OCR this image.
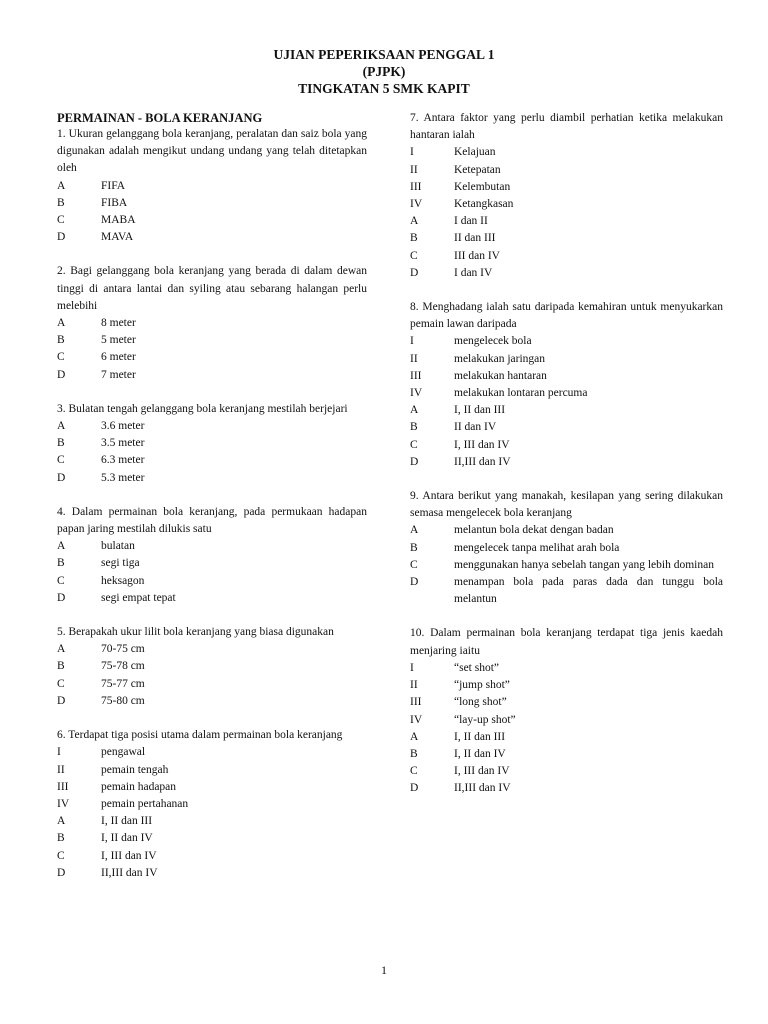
UJIAN PEPERIKSAAN PENGGAL 1
(PJPK)
TINGKATAN 5 SMK KAPIT
PERMAINAN - BOLA KERANJANG
1. Ukuran gelanggang bola keranjang, peralatan dan saiz bola yang digunakan adalah mengikut undang undang yang telah ditetapkan oleh
A	FIFA
B	FIBA
C	MABA
D	MAVA
2. Bagi gelanggang bola keranjang yang berada di dalam dewan tinggi di antara lantai dan syiling atau sebarang halangan perlu melebihi
A	8 meter
B	5 meter
C	6 meter
D	7 meter
3. Bulatan tengah gelanggang bola keranjang mestilah berjejari
A	3.6 meter
B	3.5 meter
C	6.3 meter
D	5.3 meter
4. Dalam permainan bola keranjang, pada permukaan hadapan papan jaring mestilah dilukis satu
A	bulatan
B	segi tiga
C	heksagon
D	segi empat tepat
5. Berapakah ukur lilit bola keranjang yang biasa digunakan
A	70-75 cm
B	75-78 cm
C	75-77 cm
D	75-80 cm
6. Terdapat tiga posisi utama dalam permainan bola keranjang
I	pengawal
II	pemain tengah
III	pemain hadapan
IV	pemain pertahanan
A	I, II dan III
B	I, II dan IV
C	I, III dan IV
D	II,III dan IV
7. Antara faktor yang perlu diambil perhatian ketika melakukan hantaran ialah
I	Kelajuan
II	Ketepatan
III	Kelembutan
IV	Ketangkasan
A	I dan II
B	II dan III
C	III dan IV
D	I dan IV
8. Menghadang ialah satu daripada kemahiran untuk menyukarkan pemain lawan daripada
I	mengelecek bola
II	melakukan jaringan
III	melakukan hantaran
IV	melakukan lontaran percuma
A	I, II dan III
B	II dan IV
C	I, III dan IV
D	II,III dan IV
9. Antara berikut yang manakah, kesilapan yang sering dilakukan semasa mengelecek bola keranjang
A	melantun bola dekat dengan badan
B	mengelecek tanpa melihat arah bola
C	menggunakan hanya sebelah tangan yang lebih dominan
D	menampan bola pada paras dada dan tunggu bola melantun
10. Dalam permainan bola keranjang terdapat tiga jenis kaedah menjaring iaitu
I	“set shot”
II	“jump shot”
III	“long shot”
IV	“lay-up shot”
A	I, II dan III
B	I, II dan IV
C	I, III dan IV
D	II,III dan IV
1
